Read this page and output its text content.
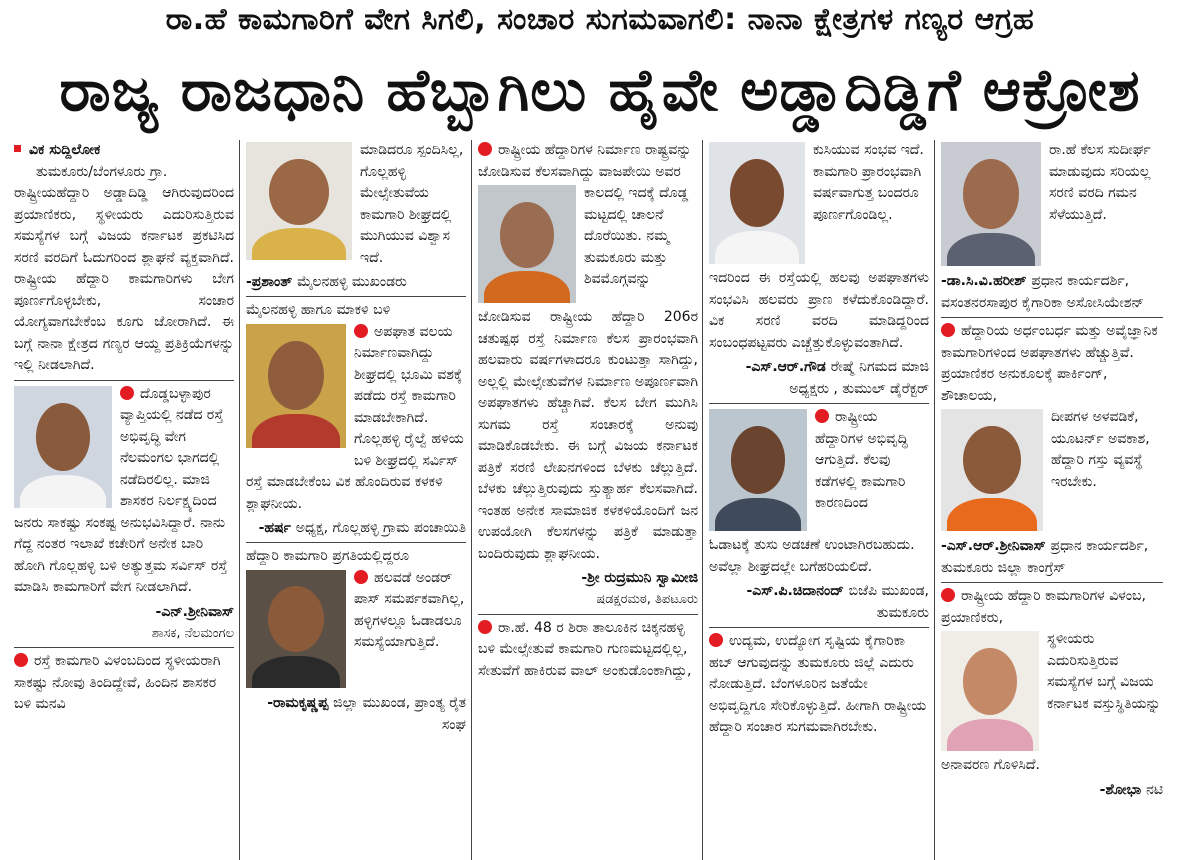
ರಾ.ಹೆ ಕಾಮಗಾರಿಗೆ ವೇಗ ಸಿಗಲಿ, ಸಂಚಾರ ಸುಗಮವಾಗಲಿ: ನಾನಾ ಕ್ಷೇತ್ರಗಳ ಗಣ್ಯರ ಆಗ್ರಹ
ರಾಜ್ಯ ರಾಜಧಾನಿ ಹೆಬ್ಬಾಗಿಲು ಹೈವೇ ಅಡ್ಡಾದಿಡ್ಡಿಗೆ ಆಕ್ರೋಶ

ವಿಕ ಸುದ್ದಿಲೋಕ

ತುಮಕೂರು/ಬೆಂಗಳೂರು ಗ್ರಾ.

ರಾಷ್ಟ್ರೀಯಹೆದ್ದಾರಿ ಅಡ್ಡಾದಿಡ್ಡಿ ಆಗಿರುವುದರಿಂದ ಪ್ರಯಾಣಿಕರು, ಸ್ಥಳೀಯರು ಎದುರಿಸುತ್ತಿರುವ ಸಮಸ್ಯೆಗಳ ಬಗ್ಗೆ ವಿಜಯ ಕರ್ನಾಟಕ ಪ್ರಕಟಿಸಿದ ಸರಣಿ ವರದಿಗೆ ಓದುಗರಿಂದ ಶ್ಲಾಘನೆ ವ್ಯಕ್ತವಾಗಿದೆ. ರಾಷ್ಟ್ರೀಯ ಹೆದ್ದಾರಿ ಕಾಮಗಾರಿಗಳು ಬೇಗ ಪೂರ್ಣಗೊಳ್ಳಬೇಕು, ಸಂಚಾರ ಯೋಗ್ಯವಾಗಬೇಕೆಂಬ ಕೂಗು ಜೋರಾಗಿದೆ. ಈ ಬಗ್ಗೆ ನಾನಾ ಕ್ಷೇತ್ರದ ಗಣ್ಯರ ಆಯ್ದ ಪ್ರತಿಕ್ರಿಯೆಗಳನ್ನು ಇಲ್ಲಿ ನೀಡಲಾಗಿದೆ.

ದೊಡ್ಡಬಳ್ಳಾಪುರ ವ್ಯಾಪ್ತಿಯಲ್ಲಿ ನಡೆದ ರಸ್ತೆ ಅಭಿವೃದ್ಧಿ ವೇಗ ನೆಲಮಂಗಲ ಭಾಗದಲ್ಲಿ ನಡೆದಿರಲಿಲ್ಲ. ಮಾಜಿ ಶಾಸಕರ ನಿರ್ಲಕ್ಷ್ಯದಿಂದ ಜನರು ಸಾಕಷ್ಟು ಸಂಕಷ್ಟ ಅನುಭವಿಸಿದ್ದಾರೆ. ನಾನು ಗೆದ್ದ ನಂತರ ಇಲಾಖೆ ಕಚೇರಿಗೆ ಅನೇಕ ಬಾರಿ ಹೋಗಿ ಗೊಲ್ಲಹಳ್ಳಿ ಬಳಿ ಅತ್ಯುತ್ತಮ ಸರ್ವಿಸ್ ರಸ್ತೆ ಮಾಡಿಸಿ ಕಾಮಗಾರಿಗೆ ವೇಗ ನೀಡಲಾಗಿದೆ.

-ಎನ್.ಶ್ರೀನಿವಾಸ್

ಶಾಸಕ, ನೆಲಮಂಗಲ

ರಸ್ತೆ ಕಾಮಗಾರಿ ವಿಳಂಬದಿಂದ ಸ್ಥಳೀಯರಾಗಿ ಸಾಕಷ್ಟು ನೋವು ತಿಂದಿದ್ದೇವೆ, ಹಿಂದಿನ ಶಾಸಕರ ಬಳಿ ಮನವಿ

ಮಾಡಿದರೂ ಸ್ಪಂದಿಸಿಲ್ಲ, ಗೊಲ್ಲಹಳ್ಳಿ ಮೇಲ್ಸೇತುವೆಯ ಕಾಮಗಾರಿ ಶೀಘ್ರದಲ್ಲಿ ಮುಗಿಯುವ ವಿಶ್ವಾಸ ಇದೆ.

-ಪ್ರಶಾಂತ್ ಮೈಲನಹಳ್ಳಿ ಮುಖಂಡರು

ಮೈಲನಹಳ್ಳಿ ಹಾಗೂ ಮಾಕಳಿ ಬಳಿ

ಅಪಘಾತ ವಲಯ ನಿರ್ಮಾಣವಾಗಿದ್ದು ಶೀಘ್ರದಲ್ಲಿ ಭೂಮಿ ವಶಕ್ಕೆ ಪಡೆದು ರಸ್ತೆ ಕಾಮಗಾರಿ ಮಾಡಬೇಕಾಗಿದೆ. ಗೊಲ್ಲಹಳ್ಳಿ ರೈಲ್ವೆ ಹಳಿಯ ಬಳಿ ಶೀಘ್ರದಲ್ಲಿ ಸರ್ವಿಸ್ ರಸ್ತೆ ಮಾಡಬೇಕೆಂಬ ವಿಕ ಹೊಂದಿರುವ ಕಳಕಳಿ ಶ್ಲಾಘನೀಯ.

-ಹರ್ಷ ಅಧ್ಯಕ್ಷ, ಗೊಲ್ಲಹಳ್ಳಿ ಗ್ರಾಮ ಪಂಚಾಯಿತಿ

ಹೆದ್ದಾರಿ ಕಾಮಗಾರಿ ಪ್ರಗತಿಯಲ್ಲಿದ್ದರೂ

ಹಲವಡೆ ಅಂಡರ್ ಪಾಸ್ ಸಮರ್ಪಕವಾಗಿಲ್ಲ, ಹಳ್ಳಿಗಳಲ್ಲೂ ಓಡಾಡಲೂ ಸಮಸ್ಯೆಯಾಗುತ್ತಿದೆ.

-ರಾಮಕೃಷ್ಣಪ್ಪ ಜಿಲ್ಲಾ ಮುಖಂಡ, ಪ್ರಾಂತ್ಯ ರೈತ ಸಂಘ

ರಾಷ್ಟ್ರೀಯ ಹೆದ್ದಾರಿಗಳ ನಿರ್ಮಾಣ ರಾಷ್ಟ್ರವನ್ನು ಜೋಡಿಸುವ ಕೆಲಸವಾಗಿದ್ದು ವಾಜಪೇಯಿ ಅವರ

ಕಾಲದಲ್ಲಿ ಇದಕ್ಕೆ ದೊಡ್ಡ ಮಟ್ಟದಲ್ಲಿ ಚಾಲನೆ ದೊರೆಯಿತು. ನಮ್ಮ ತುಮಕೂರು ಮತ್ತು ಶಿವಮೊಗ್ಗವನ್ನು

ಜೋಡಿಸುವ ರಾಷ್ಟ್ರೀಯ ಹೆದ್ದಾರಿ 206ರ ಚತುಷ್ಪಥ ರಸ್ತೆ ನಿರ್ಮಾಣ ಕೆಲಸ ಪ್ರಾರಂಭವಾಗಿ ಹಲವಾರು ವರ್ಷಗಳಾದರೂ ಕುಂಟುತ್ತಾ ಸಾಗಿದ್ದು, ಅಲ್ಲಲ್ಲಿ ಮೇಲ್ಸೇತುವೆಗಳ ನಿರ್ಮಾಣ ಅಪೂರ್ಣವಾಗಿ ಅಪಘಾತಗಳು ಹೆಚ್ಚಾಗಿವೆ. ಕೆಲಸ ಬೇಗ ಮುಗಿಸಿ ಸುಗಮ ರಸ್ತೆ ಸಂಚಾರಕ್ಕೆ ಅನುವು ಮಾಡಿಕೊಡಬೇಕು. ಈ ಬಗ್ಗೆ ವಿಜಯ ಕರ್ನಾಟಕ ಪತ್ರಿಕೆ ಸರಣಿ ಲೇಖನಗಳಿಂದ ಬೆಳಕು ಚೆಲ್ಲುತ್ತಿದೆ. ಬೆಳಕು ಚೆಲ್ಲುತ್ತಿರುವುದು ಸ್ತುತ್ಯಾರ್ಹ ಕೆಲಸವಾಗಿದೆ. ಇಂತಹ ಅನೇಕ ಸಾಮಾಜಿಕ ಕಳಕಳಿಯೊಂದಿಗೆ ಜನ ಉಪಯೋಗಿ ಕೆಲಸಗಳನ್ನು ಪತ್ರಿಕೆ ಮಾಡುತ್ತಾ ಬಂದಿರುವುದು ಶ್ಲಾಘನೀಯ.

-ಶ್ರೀ ರುದ್ರಮುನಿ ಸ್ವಾಮೀಜಿ

ಷಡಕ್ಷರಮಠ, ತಿಪಟೂರು

ರಾ.ಹೆ. 48 ರ ಶಿರಾ ತಾಲೂಕಿನ ಚಿಕ್ಕನಹಳ್ಳಿ ಬಳಿ ಮೇಲ್ಸೇತುವೆ ಕಾಮಗಾರಿ ಗುಣಮಟ್ಟದಲ್ಲಿಲ್ಲ, ಸೇತುವೆಗೆ ಹಾಕಿರುವ ವಾಲ್ ಅಂಕುಡೊಂಕಾಗಿದ್ದು,

ಕುಸಿಯುವ ಸಂಭವ ಇದೆ. ಕಾಮಗಾರಿ ಪ್ರಾರಂಭವಾಗಿ ವರ್ಷವಾಗುತ್ತ ಬಂದರೂ ಪೂರ್ಣಗೊಂಡಿಲ್ಲ.

ಇದರಿಂದ ಈ ರಸ್ತೆಯಲ್ಲಿ ಹಲವು ಅಪಘಾತಗಳು ಸಂಭವಿಸಿ ಹಲವರು ಪ್ರಾಣ ಕಳೆದುಕೊಂಡಿದ್ದಾರೆ. ವಿಕ ಸರಣಿ ವರದಿ ಮಾಡಿದ್ದರಿಂದ ಸಂಬಂಧಪಟ್ಟವರು ಎಚ್ಚೆತ್ತುಕೊಳ್ಳುವಂತಾಗಿದೆ.

-ಎಸ್.ಆರ್.ಗೌಡ ರೇಷ್ಮೆ ನಿಗಮದ ಮಾಜಿ ಅಧ್ಯಕ್ಷರು , ತುಮುಲ್ ಡೈರೆಕ್ಟರ್

ರಾಷ್ಟ್ರೀಯ ಹೆದ್ದಾರಿಗಳ ಅಭಿವೃದ್ಧಿ ಆಗುತ್ತಿದೆ. ಕೆಲವು ಕಡೆಗಳಲ್ಲಿ ಕಾಮಗಾರಿ ಕಾರಣದಿಂದ

ಓಡಾಟಕ್ಕೆ ತುಸು ಅಡಚಣೆ ಉಂಟಾಗಿರಬಹುದು. ಅವೆಲ್ಲಾ ಶೀಘ್ರದಲ್ಲೇ ಬಗೆಹರಿಯಲಿದೆ.

-ಎಸ್.ಪಿ.ಚಿದಾನಂದ್ ಬಿಜೆಪಿ ಮುಖಂಡ, ತುಮಕೂರು

ಉದ್ಯಮ, ಉದ್ಯೋಗ ಸೃಷ್ಟಿಯ ಕೈಗಾರಿಕಾ ಹಬ್ ಆಗುವುದನ್ನು ತುಮಕೂರು ಜಿಲ್ಲೆ ಎದುರು ನೋಡುತ್ತಿದೆ. ಬೆಂಗಳೂರಿನ ಜತೆಯೇ ಅಭಿವೃದ್ದಿಗೂ ಸೇರಿಕೊಳ್ಳುತ್ತಿದೆ. ಹೀಗಾಗಿ ರಾಷ್ಟ್ರೀಯ ಹೆದ್ದಾರಿ ಸಂಚಾರ ಸುಗಮವಾಗಿರಬೇಕು.

ರಾ.ಹೆ ಕೆಲಸ ಸುದೀರ್ಘ ಮಾಡುವುದು ಸರಿಯಲ್ಲ ಸರಣಿ ವರದಿ ಗಮನ ಸೆಳೆಯುತ್ತಿದೆ.

-ಡಾ.ಸಿ.ವಿ.ಹರೀಶ್ ಪ್ರಧಾನ ಕಾರ್ಯದರ್ಶಿ, ವಸಂತನರಸಾಪುರ ಕೈಗಾರಿಕಾ ಅಸೋಸಿಯೇಶನ್

ಹೆದ್ದಾರಿಯ ಅರ್ಧಂಬರ್ಧ ಮತ್ತು ಅವೈಜ್ಞಾನಿಕ ಕಾಮಗಾರಿಗಳಿಂದ ಅಪಘಾತಗಳು ಹೆಚ್ಚುತ್ತಿವೆ. ಪ್ರಯಾಣಿಕರ ಅನುಕೂಲಕ್ಕೆ ಪಾರ್ಕಿಂಗ್, ಶೌಚಾಲಯ,

ದೀಪಗಳ ಅಳವಡಿಕೆ, ಯೂಟರ್ನ್ ಅವಕಾಶ, ಹೆದ್ದಾರಿ ಗಸ್ತು ವ್ಯವಸ್ಥೆ ಇರಬೇಕು.

-ಎಸ್.ಆರ್.ಶ್ರೀನಿವಾಸ್ ಪ್ರಧಾನ ಕಾರ್ಯದರ್ಶಿ, ತುಮಕೂರು ಜಿಲ್ಲಾ ಕಾಂಗ್ರೆಸ್

ರಾಷ್ಟ್ರೀಯ ಹೆದ್ದಾರಿ ಕಾಮಗಾರಿಗಳ ವಿಳಂಬ, ಪ್ರಯಾಣಿಕರು,

ಸ್ಥಳೀಯರು ಎದುರಿಸುತ್ತಿರುವ ಸಮಸ್ಯೆಗಳ ಬಗ್ಗೆ ವಿಜಯ ಕರ್ನಾಟಕ ವಸ್ತುಸ್ಥಿತಿಯನ್ನು

ಅನಾವರಣ ಗೊಳಿಸಿದೆ.

-ಶೋಭಾ ನಟಿ
